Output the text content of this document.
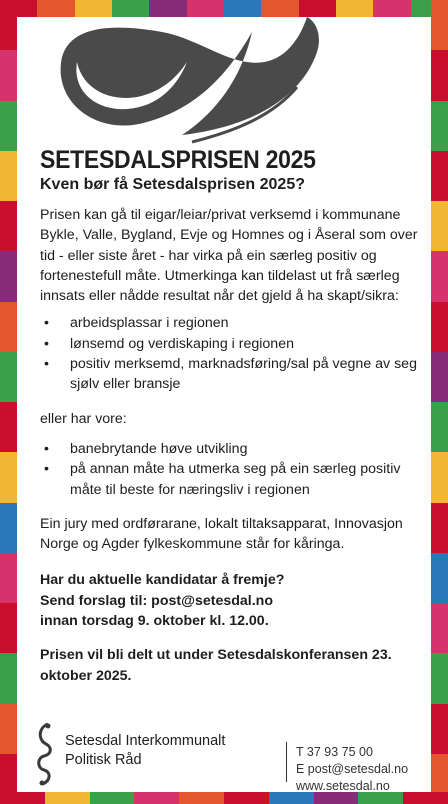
SETESDALSPRISEN 2025
Kven bør få Setesdalsprisen 2025?

Prisen kan gå til eigar/leiar/privat verksemd i kommunane Bykle, Valle, Bygland, Evje og Homnes og i Åseral som over tid - eller siste året - har virka på ein særleg positiv og fortenestefull måte. Utmerkinga kan tildelast ut frå særleg innsats eller nådde resultat når det gjeld å ha skapt/sikra:

• arbeidsplassar i regionen
• lønsemd og verdiskaping i regionen
• positiv merksemd, marknadsføring/sal på vegne av seg sjølv eller bransje

eller har vore:

• banebrytande høve utvikling
• på annan måte ha utmerka seg på ein særleg positiv måte til beste for næringsliv i regionen

Ein jury med ordførarane, lokalt tiltaksapparat, Innovasjon Norge og Agder fylkeskommune står for kåringa.

Har du aktuelle kandidatar å fremje?

Send forslag til: post@setesdal.no

innan torsdag 9. oktober kl. 12.00.

Prisen vil bli delt ut under Setesdalskonferansen 23. oktober 2025.

Setesdal Interkommunalt
Politisk Råd	T 37 93 75 00
E post@setesdal.no
www.setesdal.no
